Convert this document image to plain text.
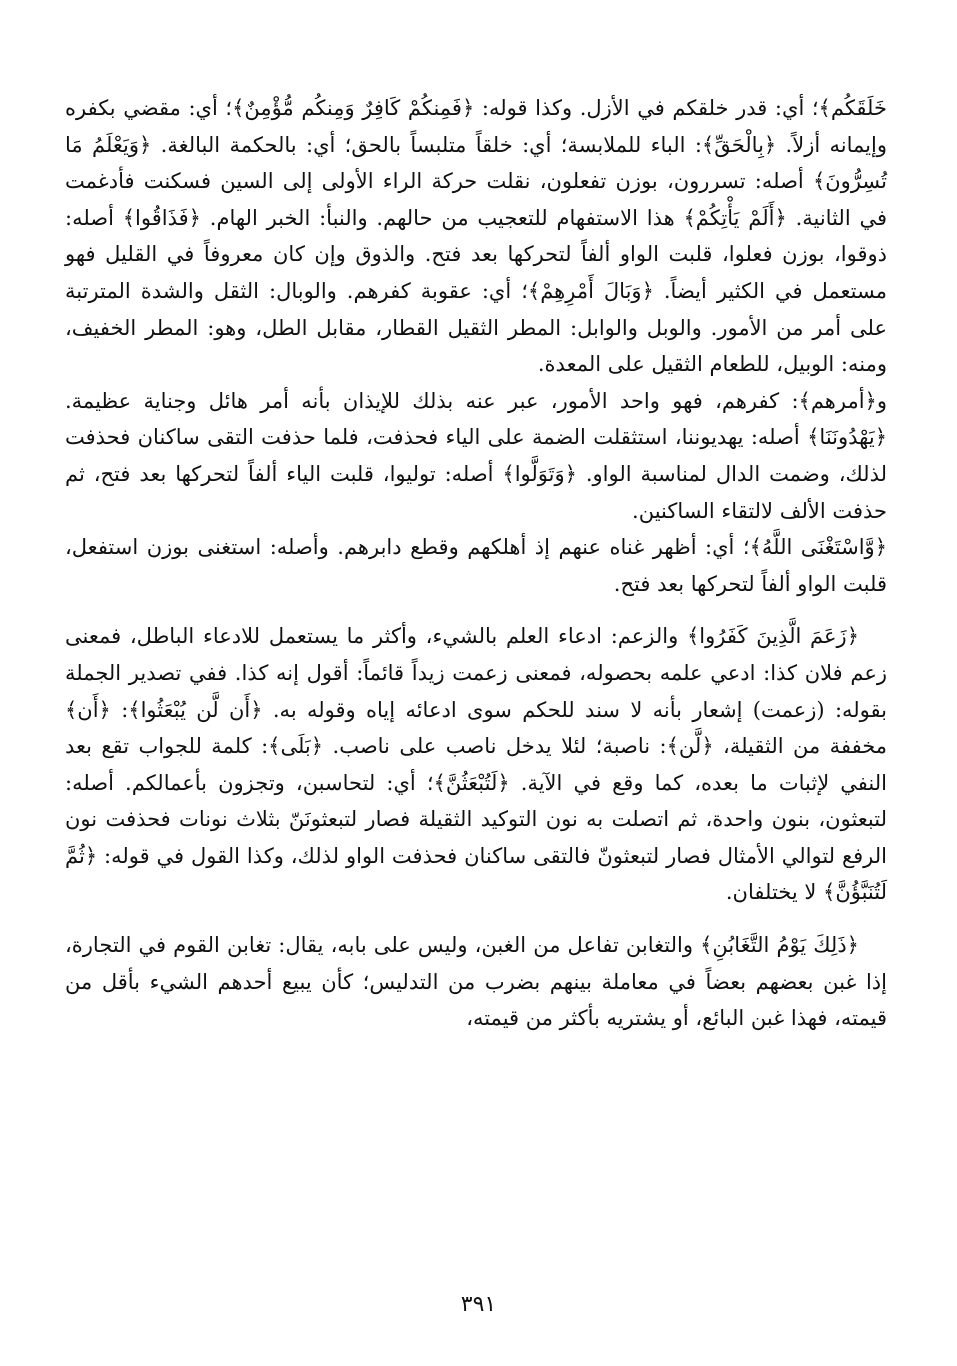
خَلَقَكُم﴾؛ أي: قدر خلقكم في الأزل. وكذا قوله: ﴿فَمِنكُمْ كَافِرٌ وَمِنكُم مُّؤْمِنٌ﴾؛ أي: مقضي بكفره وإيمانه أزلاً. ﴿بِالْحَقِّ﴾: الباء للملابسة؛ أي: خلقاً متلبساً بالحق؛ أي: بالحكمة البالغة. ﴿وَيَعْلَمُ مَا تُسِرُّونَ﴾ أصله: تسررون، بوزن تفعلون، نقلت حركة الراء الأولى إلى السين فسكنت فأدغمت في الثانية. ﴿أَلَمْ يَأْتِكُمْ﴾ هذا الاستفهام للتعجيب من حالهم. والنبأ: الخبر الهام. ﴿فَذَاقُوا﴾ أصله: ذوقوا، بوزن فعلوا، قلبت الواو ألفاً لتحركها بعد فتح. والذوق وإن كان معروفاً في القليل فهو مستعمل في الكثير أيضاً. ﴿وَبَالَ أَمْرِهِمْ﴾؛ أي: عقوبة كفرهم. والوبال: الثقل والشدة المترتبة على أمر من الأمور. والوبل والوابل: المطر الثقيل القطار، مقابل الطل، وهو: المطر الخفيف، ومنه: الوبيل، للطعام الثقيل على المعدة.

و﴿أمرهم﴾: كفرهم، فهو واحد الأمور، عبر عنه بذلك للإيذان بأنه أمر هائل وجناية عظيمة. ﴿يَهْدُونَنَا﴾ أصله: يهديوننا، استثقلت الضمة على الياء فحذفت، فلما حذفت التقى ساكنان فحذفت لذلك، وضمت الدال لمناسبة الواو. ﴿وَتَوَلَّوا﴾ أصله: توليوا، قلبت الياء ألفاً لتحركها بعد فتح، ثم حذفت الألف لالتقاء الساكنين.

﴿وَّاسْتَغْنَى اللَّهُ﴾؛ أي: أظهر غناه عنهم إذ أهلكهم وقطع دابرهم. وأصله: استغنى بوزن استفعل، قلبت الواو ألفاً لتحركها بعد فتح.

﴿زَعَمَ الَّذِينَ كَفَرُوا﴾ والزعم: ادعاء العلم بالشيء، وأكثر ما يستعمل للادعاء الباطل، فمعنى زعم فلان كذا: ادعي علمه بحصوله، فمعنى زعمت زيداً قائماً: أقول إنه كذا. ففي تصدير الجملة بقوله: (زعمت) إشعار بأنه لا سند للحكم سوى ادعائه إياه وقوله به. ﴿أَن لَّن يُبْعَثُوا﴾: ﴿أَن﴾ مخففة من الثقيلة، ﴿لَّن﴾: ناصبة؛ لئلا يدخل ناصب على ناصب. ﴿بَلَى﴾: كلمة للجواب تقع بعد النفي لإثبات ما بعده، كما وقع في الآية. ﴿لَتُبْعَثُنَّ﴾؛ أي: لتحاسبن، وتجزون بأعمالكم. أصله: لتبعثون، بنون واحدة، ثم اتصلت به نون التوكيد الثقيلة فصار لتبعثونَنّ بثلاث نونات فحذفت نون الرفع لتوالي الأمثال فصار لتبعثونّ فالتقى ساكنان فحذفت الواو لذلك، وكذا القول في قوله: ﴿ثُمَّ لَتُنَبَّؤُنَّ﴾ لا يختلفان.

﴿ذَلِكَ يَوْمُ التَّغَابُنِ﴾ والتغابن تفاعل من الغبن، وليس على بابه، يقال: تغابن القوم في التجارة، إذا غبن بعضهم بعضاً في معاملة بينهم بضرب من التدليس؛ كأن يبيع أحدهم الشيء بأقل من قيمته، فهذا غبن البائع، أو يشتريه بأكثر من قيمته،

٣٩١
